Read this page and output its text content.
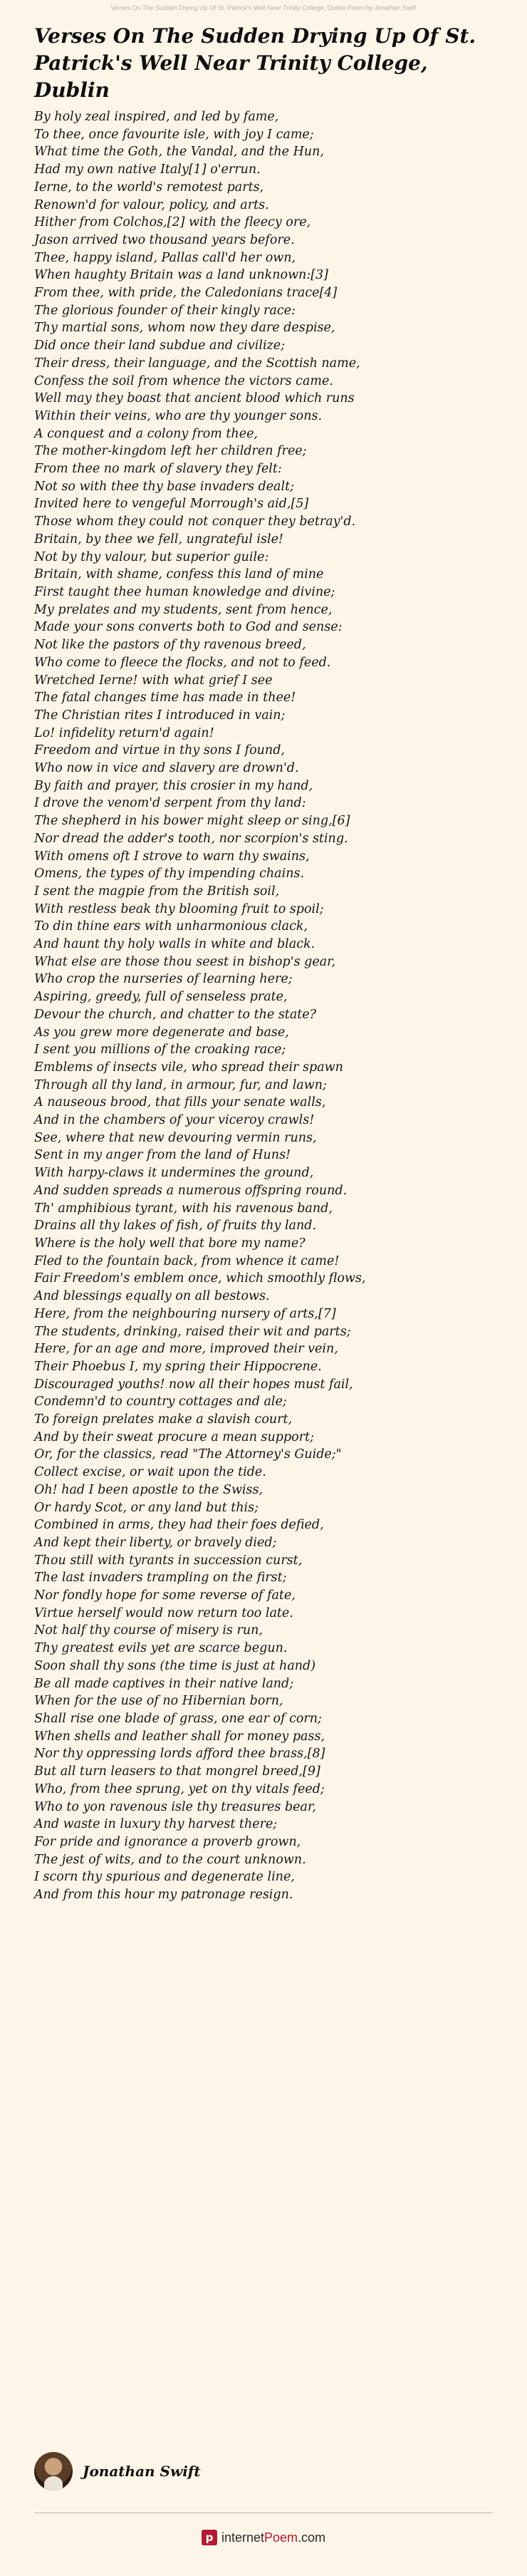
Verses On The Sudden Drying Up Of St. Patrick's Well Near Trinity College, Dublin Poem by Jonathan Swift
Verses On The Sudden Drying Up Of St. Patrick's Well Near Trinity College, Dublin
By holy zeal inspired, and led by fame,
To thee, once favourite isle, with joy I came;
What time the Goth, the Vandal, and the Hun,
Had my own native Italy[1] o'errun.
Ierne, to the world's remotest parts,
Renown'd for valour, policy, and arts.
Hither from Colchos,[2] with the fleecy ore,
Jason arrived two thousand years before.
Thee, happy island, Pallas call'd her own,
When haughty Britain was a land unknown:[3]
From thee, with pride, the Caledonians trace[4]
The glorious founder of their kingly race:
Thy martial sons, whom now they dare despise,
Did once their land subdue and civilize;
Their dress, their language, and the Scottish name,
Confess the soil from whence the victors came.
Well may they boast that ancient blood which runs
Within their veins, who are thy younger sons.
A conquest and a colony from thee,
The mother-kingdom left her children free;
From thee no mark of slavery they felt:
Not so with thee thy base invaders dealt;
Invited here to vengeful Morrough's aid,[5]
Those whom they could not conquer they betray'd.
Britain, by thee we fell, ungrateful isle!
Not by thy valour, but superior guile:
Britain, with shame, confess this land of mine
First taught thee human knowledge and divine;
My prelates and my students, sent from hence,
Made your sons converts both to God and sense:
Not like the pastors of thy ravenous breed,
Who come to fleece the flocks, and not to feed.
Wretched Ierne! with what grief I see
The fatal changes time has made in thee!
The Christian rites I introduced in vain;
Lo! infidelity return'd again!
Freedom and virtue in thy sons I found,
Who now in vice and slavery are drown'd.
By faith and prayer, this crosier in my hand,
I drove the venom'd serpent from thy land:
The shepherd in his bower might sleep or sing,[6]
Nor dread the adder's tooth, nor scorpion's sting.
With omens oft I strove to warn thy swains,
Omens, the types of thy impending chains.
I sent the magpie from the British soil,
With restless beak thy blooming fruit to spoil;
To din thine ears with unharmonious clack,
And haunt thy holy walls in white and black.
What else are those thou seest in bishop's gear,
Who crop the nurseries of learning here;
Aspiring, greedy, full of senseless prate,
Devour the church, and chatter to the state?
As you grew more degenerate and base,
I sent you millions of the croaking race;
Emblems of insects vile, who spread their spawn
Through all thy land, in armour, fur, and lawn;
A nauseous brood, that fills your senate walls,
And in the chambers of your viceroy crawls!
See, where that new devouring vermin runs,
Sent in my anger from the land of Huns!
With harpy-claws it undermines the ground,
And sudden spreads a numerous offspring round.
Th' amphibious tyrant, with his ravenous band,
Drains all thy lakes of fish, of fruits thy land.
Where is the holy well that bore my name?
Fled to the fountain back, from whence it came!
Fair Freedom's emblem once, which smoothly flows,
And blessings equally on all bestows.
Here, from the neighbouring nursery of arts,[7]
The students, drinking, raised their wit and parts;
Here, for an age and more, improved their vein,
Their Phoebus I, my spring their Hippocrene.
Discouraged youths! now all their hopes must fail,
Condemn'd to country cottages and ale;
To foreign prelates make a slavish court,
And by their sweat procure a mean support;
Or, for the classics, read "The Attorney's Guide;"
Collect excise, or wait upon the tide.
Oh! had I been apostle to the Swiss,
Or hardy Scot, or any land but this;
Combined in arms, they had their foes defied,
And kept their liberty, or bravely died;
Thou still with tyrants in succession curst,
The last invaders trampling on the first;
Nor fondly hope for some reverse of fate,
Virtue herself would now return too late.
Not half thy course of misery is run,
Thy greatest evils yet are scarce begun.
Soon shall thy sons (the time is just at hand)
Be all made captives in their native land;
When for the use of no Hibernian born,
Shall rise one blade of grass, one ear of corn;
When shells and leather shall for money pass,
Nor thy oppressing lords afford thee brass,[8]
But all turn leasers to that mongrel breed,[9]
Who, from thee sprung, yet on thy vitals feed;
Who to yon ravenous isle thy treasures bear,
And waste in luxury thy harvest there;
For pride and ignorance a proverb grown,
The jest of wits, and to the court unknown.
I scorn thy spurious and degenerate line,
And from this hour my patronage resign.
Jonathan Swift
p internetPoem.com
